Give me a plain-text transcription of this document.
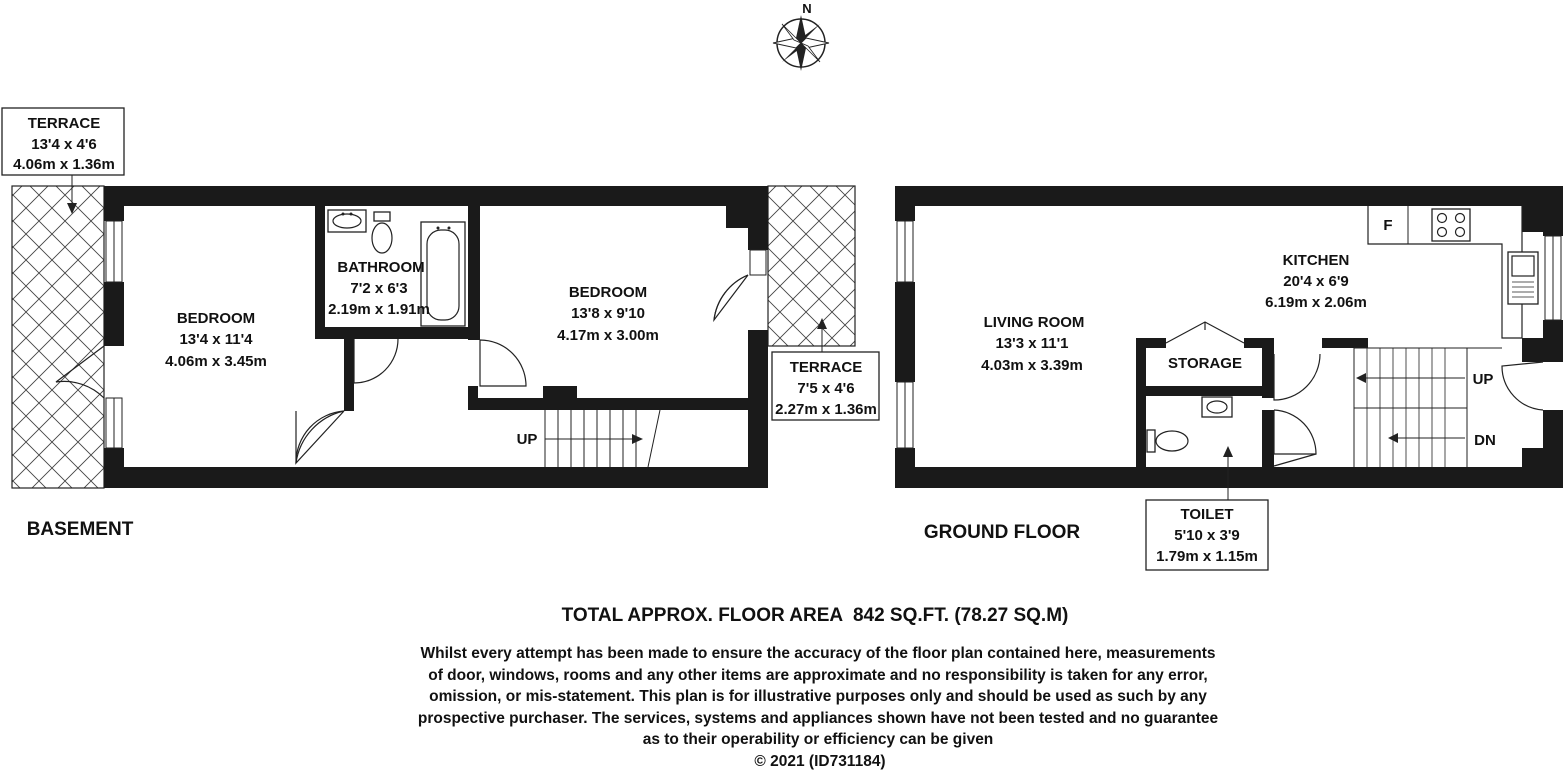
N
TERRACE
13'4 x 4'6
4.06m x 1.36m
BEDROOM
13'4 x 11'4
4.06m x 3.45m
BATHROOM
7'2 x 6'3
2.19m x 1.91m
BEDROOM
13'8 x 9'10
4.17m x 3.00m
TERRACE
7'5 x 4'6
2.27m x 1.36m
UP
BASEMENT
F
KITCHEN
20'4 x 6'9
6.19m x 2.06m
LIVING ROOM
13'3 x 11'1
4.03m x 3.39m	STORAGE
UP
DN
TOILET
5'10 x 3'9
1.79m x 1.15m
GROUND FLOOR
TOTAL APPROX. FLOOR AREA  842 SQ.FT. (78.27 SQ.M)
Whilst every attempt has been made to ensure the accuracy of the floor plan contained here, measurements
of door, windows, rooms and any other items are approximate and no responsibility is taken for any error,
omission, or mis-statement. This plan is for illustrative purposes only and should be used as such by any
prospective purchaser. The services, systems and appliances shown have not been tested and no guarantee
as to their operability or efficiency can be given
© 2021 (ID731184)
